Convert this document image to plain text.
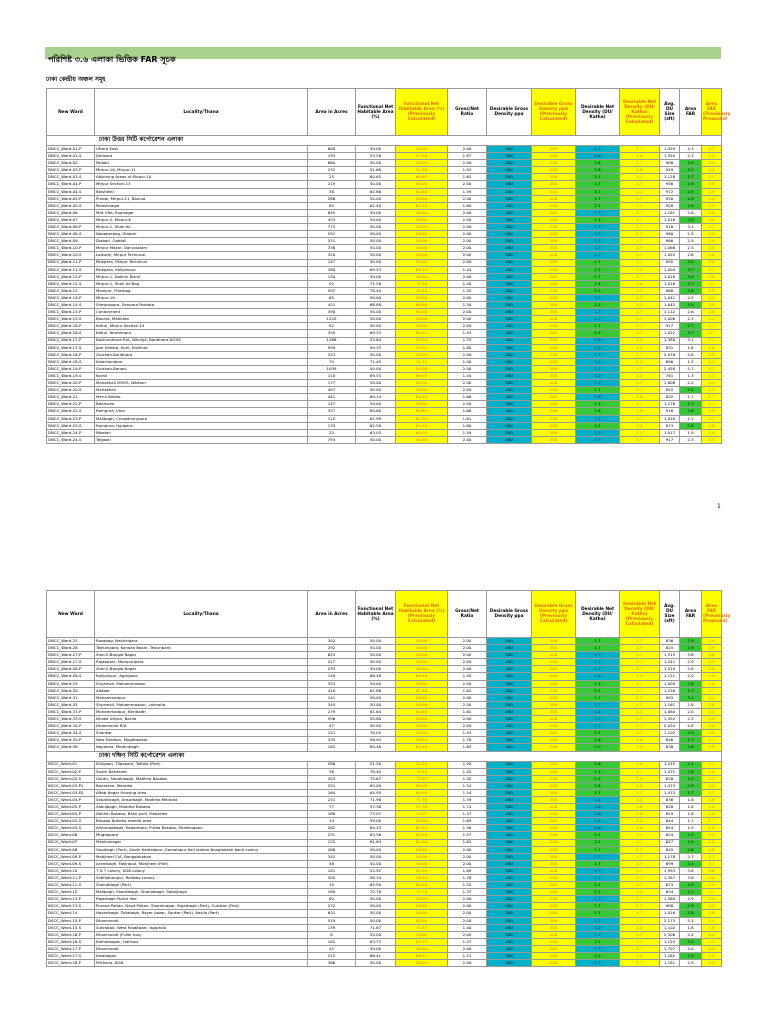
পরিশিষ্ট ৩.৬ এলাকা ভিত্তিক FAR সূচক
ঢাকা কেন্দ্রীয় অঞ্চল সমূহ
New Ward	Locality/Thana	Area in Acres	Functional Net Habitable Area (%)	Functional Net Habitable Area (%) (Previously Calculated)	Gross/Net Ratio	Desirable Gross Density ppa	Desirable Gross Density ppa (Previously Calculated)	Desirable Net Density (DU/ Katha)	Desirable Net Density (DU/ Katha) (Previously Calculated)	Avg. DU Size (sft)	Area FAR	Area FAR (Previously Proposed)
ঢাকা উত্তর সিটি কর্পোরেশন এলাকা												
DNCC_Ward-01-P	Uttara East	600	50.00	50.00	2.00	200	200	1.7	1.7	1,459	4.3	4.3
DNCC_Ward-01-S	Dolipara	193	53.56	53.56	1.87	200	200	1.6	1.6	1,359	2.3	2.3
DNCC_Ward-02	Pallabi	660	50.00	50.00	2.00	200	200	1.8	1.7	908	2.9	2.9
DNCC_Ward-03-P	Mirpur-10, Mirpur-11	232	51.68	51.68	1.93	200	200	1.8	1.8	929	3.1	3.1
DNCC_Ward-03-S	Adjoining Areas of Mirpur-10	25	60.65	60.65	1.65	200	200	2.1	2.1	1,128	2.7	2.7
DNCC_Ward-04-P	Mirpur Section-13	219	50.00	50.00	2.00	200	200	1.7	1.7	956	2.9	2.9
DNCC_Ward-04-S	Baishteki	58	62.86	62.86	1.59	200	200	2.1	2.1	972	2.9	2.9
DNCC_Ward-05-P	Purobi, Mirpur-11, Bauniа	286	50.00	50.00	2.00	200	200	1.7	1.7	950	2.9	2.9
DNCC_Ward-05-S	Palashnagar	85	62.40	62.40	1.60	200	200	2.1	2.1	928	2.9	2.9
DNCC_Ward-06	Milk Vita, Rupnagar	845	50.00	50.00	2.00	200	200	1.7	1.7	1,161	2.6	2.6
DNCC_Ward-07	Mirpur-2, Mirpur-6	453	50.00	50.00	2.00	200	200	1.7	1.7	1,016	3.0	3.0
DNCC_Ward-08-P	Mirpur-1, Shah Ali	775	50.00	50.00	2.00	200	200	1.7	1.7	918	3.1	3.1
DNCC_Ward-08-S	Nobaberbag, Diabari	297	50.00	50.00	2.00	200	200	1.7	1.7	960	2.9	2.9
DNCC_Ward-09	Diabari, Gabtoli	551	50.00	50.00	2.00	200	200	1.7	1.7	966	2.9	2.9
DNCC_Ward-10-P	Mirpur Mazar, Darussalam	338	50.00	50.00	2.00	200	200	1.7	1.7	1,066	2.5	2.5
DNCC_Ward-10-S	Lalkuthi, Mirpur Technical	320	50.00	50.00	2.00	200	200	1.7	1.7	1,022	2.6	2.6
DNCC_Ward-11-P	Paikpara, Mirpur Technical	147	50.00	50.00	2.00	200	200	1.7	1.7	992	3.0	3.0
DNCC_Ward-11-S	Paikpara, Kallyanpur	380	69.53	69.53	1.44	200	200	2.3	2.3	1,004	3.7	3.7
DNCC_Ward-12-P	Mirpur-1, Dakhin Bishil	130	50.00	50.00	2.00	200	200	1.7	1.7	1,016	3.0	3.0
DNCC_Ward-12-S	Mirpur-1, Shah Ali Bag	92	71.56	71.56	1.40	200	200	2.4	2.4	1,016	3.7	3.7
DNCC_Ward-13	Monipur, Pirerbag	597	70.40	70.40	1.42	200	200	2.3	2.3	968	3.8	3.8
DNCC_Ward-14-P	Mirpur-10	65	50.00	50.00	2.00	200	200	1.7	1.7	1,041	2.5	2.5
DNCC_Ward-14-S	Shewrapara, Senpara Parbata	421	66.88	66.88	1.50	200	200	2.2	2.2	1,042	3.5	3.5
DNCC_Ward-15-P	Cantonment	390	50.00	50.00	2.00	200	200	1.7	1.7	1,112	2.6	2.6
DNCC_Ward-15-S	Bauniа, Matikata	1220	50.00	50.00	2.00	200	200	1.7	1.7	1,008	2.1	2.1
DNCC_Ward-16-P	Kafrul, Mirpur Section-14	42	50.00	50.00	2.00	200	200	1.7	1.7	917	2.7	2.7
DNCC_Ward-16-S	Kafrul, Ibrahimpur	359	69.53	69.53	1.43	200	200	2.3	2.3	1,022	3.7	3.7
DNCC_Ward-17-P	Bashundhara R/A, Nikunja, Baridhara DOHS	1268	55.84	55.84	1.79	200	200	1.5	1.5	1,388	3.1	3.1
DNCC_Ward-17-S	Joar Sahara, Kuril, Khilkhet	959	59.35	59.35	1.80	200	200	1.5	1.5	831	1.8	1.8
DNCC_Ward-18-P	Gulshan-Baridhara	223	50.00	50.00	2.00	200	200	1.7	1.7	2,976	5.8	5.8
DNCC_Ward-18-S	Kalachandpur	75	71.45	71.45	1.40	200	200	1.2	1.2	896	1.5	1.5
DNCC_Ward-19-P	Gulshan-Banani	1039	50.00	50.00	2.00	200	200	1.7	1.7	2,458	5.7	5.7
DNCC_Ward-19-S	Korail	110	69.53	69.53	1.44	200	200	1.2	1.2	781	1.3	1.3
DNCC_Ward-20-P	Mohakhali DOHS, Niketan	177	50.00	50.00	2.00	200	200	1.7	1.7	1,808	4.2	4.2
DNCC_Ward-20-S	Mohakhali	497	50.00	50.00	2.00	200	200	1.7	1.7	845	2.5	2.5
DNCC_Ward-21	Merul Badda	441	60.14	60.14	1.66	200	200	1.6	1.6	852	1.7	1.7
DNCC_Ward-22-P	Banasree	147	50.00	50.00	2.00	200	200	1.7	1.7	1,178	2.7	2.7
DNCC_Ward-22-S	Rampura, Ulon	357	60.60	60.60	1.66	200	200	1.6	1.6	916	2.6	2.6
DNCC_Ward-23-P	Malibagh, Chowdhurypara	112	61.99	61.99	1.61	200	200	2.1	2.1	1,018	2.1	2.1
DNCC_Ward-23-S	Rampura, Hajipara	133	62.58	62.58	1.60	200	200	2.1	2.1	873	2.8	2.8
DNCC_Ward-24-P	Niketan	22	63.03	63.03	1.59	200	200	1.3	1.3	1,017	1.9	1.9
DNCC_Ward-24-S	Tejgaon	793	50.00	50.00	2.00	200	200	1.7	1.7	917	2.3	2.3
1
New Ward	Locality/Thana	Area in Acres	Functional Net Habitable Area (%)	Functional Net Habitable Area (%) (Previously Calculated)	Gross/Net Ratio	Desirable Gross Density ppa	Desirable Gross Density ppa (Previously Calculated)	Desirable Net Density (DU/ Katha)	Desirable Net Density (DU/ Katha) (Previously Calculated)	Avg. DU Size (sft)	Area FAR	Area FAR (Previously Proposed)
DNCC_Ward-25	Razabag, Nakhalpara	302	50.00	50.00	2.00	200	200	1.7	1.7	836	2.9	2.9
DNCC_Ward-26	Tejkunipara, Karwan Bazar, Tejturipara	292	50.00	50.00	2.00	200	200	1.7	1.7	825	2.9	2.9
DNCC_Ward-27-P	Sher-E-Bangla Nagar	623	50.00	50.00	2.00	200	200	1.7	1.7	1,515	3.6	3.6
DNCC_Ward-27-S	Rajabazar, Monipuripara	227	50.00	50.00	2.00	200	200	1.7	1.7	1,241	2.9	2.9
DNCC_Ward-28-P	Sher-E-Bangla Nagar	233	50.00	50.00	2.00	200	200	1.7	1.7	1,510	2.6	2.6
DNCC_Ward-28-S	Kallyanpur, Agargaon	149	66.48	66.48	1.50	200	200	1.3	1.3	1,121	2.0	2.0
DNCC_Ward-29	Shyamoli, Mohammadpur	353	50.00	50.00	2.00	200	200	1.7	1.7	1,009	2.8	2.8
DNCC_Ward-30	Adabar	419	61.88	61.88	1.62	200	200	2.1	2.1	1,156	2.7	2.7
DNCC_Ward-31	Mohammadpur	141	50.00	50.00	2.00	200	200	1.7	1.7	903	3.1	3.1
DNCC_Ward-32	Shyamoli, Mohammadpur, Lalmatia	345	50.00	50.00	2.00	200	200	1.7	1.7	1,161	2.8	2.8
DNCC_Ward-33-P	Mohammadpur, Beribadh	279	61.64	61.64	1.62	200	200	1.4	1.4	1,080	2.0	2.0
DNCC_Ward-33-S	Dhaka Udyan, Basila	596	50.00	50.00	2.00	200	200	1.7	1.7	1,352	2.5	2.5
DNCC_Ward-34-P	Dhanmondi R/A	47	50.00	50.00	2.00	200	200	1.7	1.7	2,034	4.8	4.8
DNCC_Ward-34-S	Shankar	151	70.05	70.05	1.43	200	200	2.3	2.3	1,102	3.9	3.9
DNCC_Ward-35-P	New Eskaton, Moghbazaar	335	56.94	56.94	1.76	200	200	1.6	1.6	846	2.7	2.7
DNCC_Ward-36	Nayatola, Modhubagh	185	60.48	60.48	1.65	200	200	2.0	2.0	838	2.8	2.8
ঢাকা দক্ষিণ সিটি কর্পোরেশন এলাকা												
DSCC_Ward-01	Khilgaon, Tilpapara, Taltola (Part)	286	51.20	51.20	1.95	200	200	1.6	1.6	1,215	2.1	2.1
DSCC_Ward-02-P	South Banasree	38	70.40	70.40	1.42	200	200	1.7	1.7	1,471	2.8	2.8
DSCC_Ward-02-S	Goran, Sepahibagh, Madhha Basabo	203	75.67	75.67	1.32	200	200	1.9	1.9	828	2.5	2.5
DSCC_Ward-03-P1	Banasree, Meradia	251	65.09	65.09	1.54	200	200	1.6	1.6	1,473	2.9	2.9
DSCC_Ward-03-P2	Aftab Nagar Housing Area	164	64.95	64.95	1.54	200	200	1.7	1.7	1,473	2.7	2.7
DSCC_Ward-04-P	Sepahibagh, Ansarbagh, Madhha Meradia	231	71.96	71.96	1.39	200	200	1.4	1.4	836	1.6	1.6
DSCC_Ward-05-P	Sabujbagh, Maddha Basabo	77	57.38	57.38	1.74	200	200	1.6	1.6	828	1.8	1.8
DSCC_Ward-05-P	Dakhin Basabo, Bank polli, Madartek	186	73.07	73.07	1.37	200	200	1.6	1.6	819	1.8	1.8
DSCC_Ward-05-S	Basabo Buddha mandir area	14	59.00	59.00	1.69	200	200	1.5	1.5	844	1.7	1.7
DSCC_Ward-05-S	Ahmmadbagh, Kadamtola, Purba Basabo, Shakhngaon	262	64.23	64.23	1.56	200	200	1.6	1.6	844	1.9	1.9
DSCC_Ward-06	Mugdapara	231	63.56	63.56	1.57	200	200	2.1	2.1	824	2.5	2.5
DSCC_Ward-07	Manikanagar	125	61.64	61.64	1.62	200	200	2.1	2.1	827	2.5	2.5
DSCC_Ward-08	Gopibagh (Part), South Kamalapur, Kamalapur Rail station,Bangladesh bank colony	268	50.00	50.00	2.00	200	200	1.7	1.7	845	2.8	2.8
DSCC_Ward-09-P	Motijheel C/A, Bangabhaban	342	50.00	50.00	2.00	200	200	1.7	1.7	1,178	2.7	2.7
DSCC_Ward-09-S	Arambagh, Fakirapul, Motijheel (Part)	58	50.00	50.00	2.00	200	200	1.7	1.7	899	3.1	3.1
DSCC_Ward-10	T & T colony, AGB colony	101	52.92	52.92	1.89	200	200	1.7	1.7	1,993	3.8	3.8
DSCC_Ward-11-P	Shahjahanpur, Railway colony	302	56.34	56.34	1.78	200	200	1.7	1.7	1,387	3.6	3.6
DSCC_Ward-11-S	Shahidbagh (Part)	19	65.50	65.50	1.52	200	200	2.1	2.1	873	2.9	2.9
DSCC_Ward-12	Malibagh, Shantibagh, Shahidbagh, Sabujbagh	189	72.78	72.78	1.37	200	200	2.3	2.3	834	3.1	3.1
DSCC_Ward-13-P	Rajarbagh Police line	62	50.00	50.00	2.00	200	200	1.7	1.7	1,260	2.9	2.9
DSCC_Ward-13-S	Purana Paltan, Naya Paltan, Shantinagar, Rajarbagh (Part), Gulistan (Part)	272	50.00	50.00	2.00	200	200	1.7	1.7	988	2.9	2.9
DSCC_Ward-14	Hazaribagh, Tallabagh, Rayer bazar, Sankar (Part), Basila (Part)	631	50.00	50.00	2.00	200	200	1.7	1.7	1,016	2.8	2.8
DSCC_Ward-15-P	Dhanmondi	519	50.00	50.00	2.00	200	200	1.7	1.7	2,173	5.1	5.1
DSCC_Ward-15-S	Sukrabad, West Rajabazar, Agartola	139	71.67	71.67	1.40	200	200	1.2	1.2	1,102	1.8	1.8
DSCC_Ward-16-P	Dhanmondi (Fuller bus)	8	50.00	50.00	2.00	200	200	1.7	1.7	2,308	5.4	5.4
DSCC_Ward-16-S	Kathalbagan, Hatirpul	162	63.73	63.73	1.57	200	200	2.1	2.1	1,125	3.2	3.2
DSCC_Ward-17-P	Dhanmondi	42	50.00	50.00	2.00	200	200	1.7	1.7	1,707	4.0	4.0
DSCC_Ward-17-S	Kalabagan	215	66.41	66.41	1.51	200	200	2.2	2.2	1,262	2.9	2.9
DSCC_Ward-18-P	Pilkhana, BGB	386	50.00	50.00	2.00	200	200	1.7	1.7	1,181	2.9	2.9
